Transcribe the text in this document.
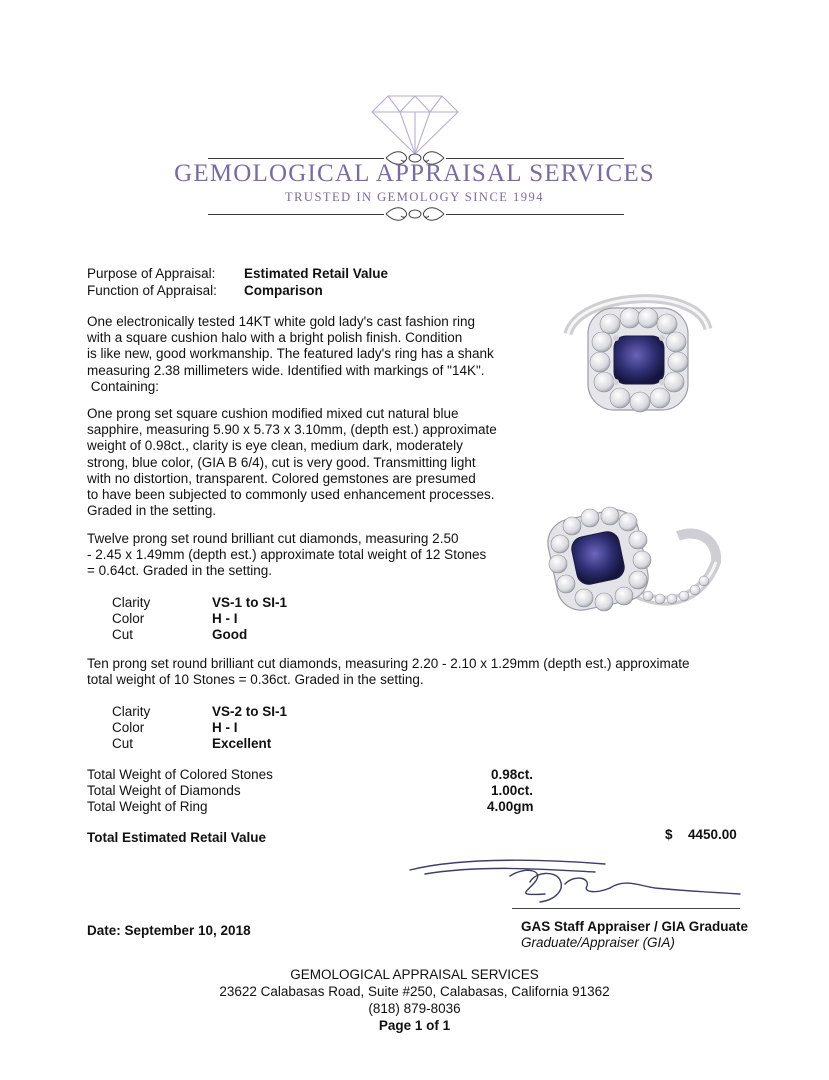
GEMOLOGICAL APPRAISAL SERVICES
TRUSTED IN GEMOLOGY SINCE 1994
Purpose of Appraisal: Estimated Retail Value
Function of Appraisal: Comparison
One electronically tested 14KT white gold lady's cast fashion ring
with a square cushion halo with a bright polish finish. Condition
is like new, good workmanship. The featured lady's ring has a shank
measuring 2.38 millimeters wide. Identified with markings of "14K".
Containing:
One prong set square cushion modified mixed cut natural blue
sapphire, measuring 5.90 x 5.73 x 3.10mm, (depth est.) approximate
weight of 0.98ct., clarity is eye clean, medium dark, moderately
strong, blue color, (GIA B 6/4), cut is very good. Transmitting light
with no distortion, transparent. Colored gemstones are presumed
to have been subjected to commonly used enhancement processes.
Graded in the setting.
Twelve prong set round brilliant cut diamonds, measuring 2.50
- 2.45 x 1.49mm (depth est.) approximate total weight of 12 Stones
= 0.64ct. Graded in the setting.
Clarity	VS-1 to SI-1
Color	H - I
Cut	Good
Ten prong set round brilliant cut diamonds, measuring 2.20 - 2.10 x 1.29mm (depth est.) approximate
total weight of 10 Stones = 0.36ct. Graded in the setting.
Clarity	VS-2 to SI-1
Color	H - I
Cut	Excellent
Total Weight of Colored Stones	0.98ct.
Total Weight of Diamonds	1.00ct.
Total Weight of Ring	4.00gm
Total Estimated Retail Value	$ 4450.00
Date: September 10, 2018	GAS Staff Appraiser / GIA Graduate
Graduate/Appraiser (GIA)
GEMOLOGICAL APPRAISAL SERVICES
23622 Calabasas Road, Suite #250, Calabasas, California 91362
(818) 879-8036
Page 1 of 1
